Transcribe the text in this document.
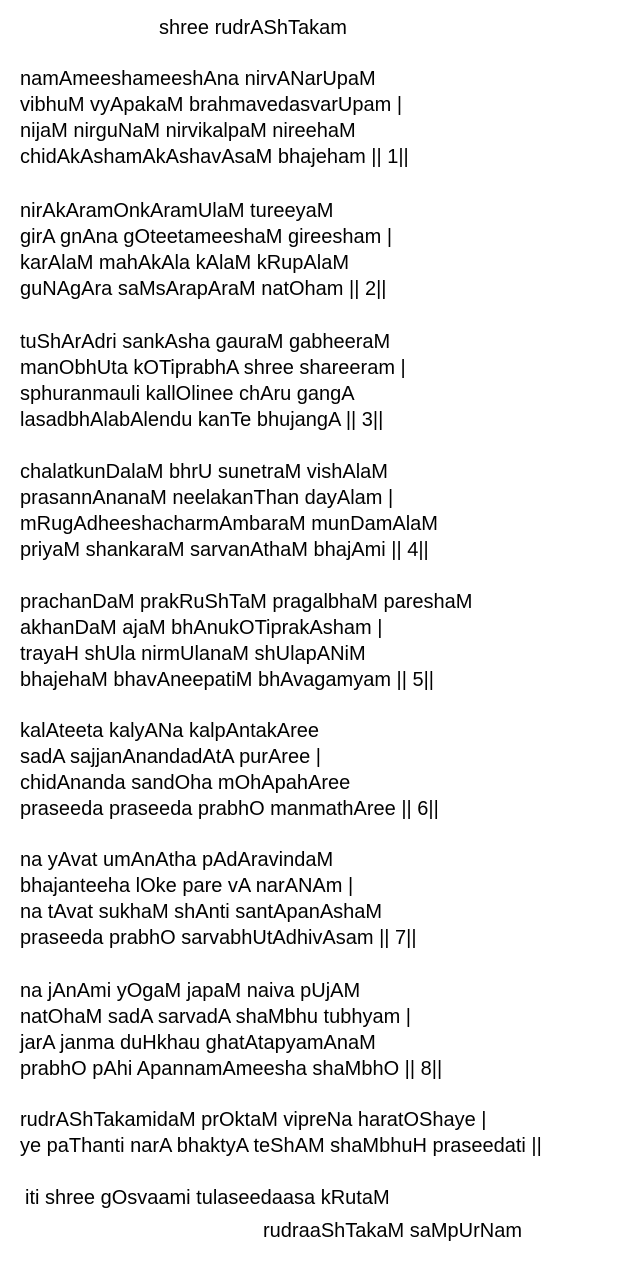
shree rudrAShTakam
namAmeeshameeshAna nirvANarUpaM
vibhuM vyApakaM brahmavedasvarUpam |
nijaM nirguNaM nirvikalpaM nireehaM
chidAkAshamAkAshavAsaM bhajeham || 1||
nirAkAramOnkAramUlaM tureeyaM
girA gnAna gOteetameeshaM gireesham |
karAlaM mahAkAla kAlaM kRupAlaM
guNAgAra saMsArapAraM natOham || 2||
tuShArAdri sankAsha gauraM gabheeraM
manObhUta kOTiprabhA shree shareeram |
sphuranmauli kallOlinee chAru gangA
lasadbhAlabAlendu kanTe bhujangA || 3||
chalatkunDalaM bhrU sunetraM vishAlaM
prasannAnanaM neelakanThan dayAlam |
mRugAdheeshacharmAmbaraM munDamAlaM
priyaM shankaraM sarvanAthaM bhajAmi || 4||
prachanDaM prakRuShTaM pragalbhaM pareshaM
akhanDaM ajaM bhAnukOTiprakAsham |
trayaH shUla nirmUlanaM shUlapANiM
bhajehaM bhavAneepatiM bhAvagamyam || 5||
kalAteeta kalyANa kalpAntakAree
sadA sajjanAnandadAtA purAree |
chidAnanda sandOha mOhApahAree
praseeda praseeda prabhO manmathAree || 6||
na yAvat umAnAtha pAdAravindaM
bhajanteeha lOke pare vA narANAm |
na tAvat sukhaM shAnti santApanAshaM
praseeda prabhO sarvabhUtAdhivAsam || 7||
na jAnAmi yOgaM japaM naiva pUjAM
natOhaM sadA sarvadA shaMbhu tubhyam |
jarA janma duHkhau ghatAtapyamAnaM
prabhO pAhi ApannamAmeesha shaMbhO || 8||
rudrAShTakamidaM prOktaM vipreNa haratOShaye |
ye paThanti narA bhaktyA teShAM shaMbhuH praseedati ||
iti shree gOsvaami tulaseedaasa kRutaM
rudraaShTakaM saMpUrNam
